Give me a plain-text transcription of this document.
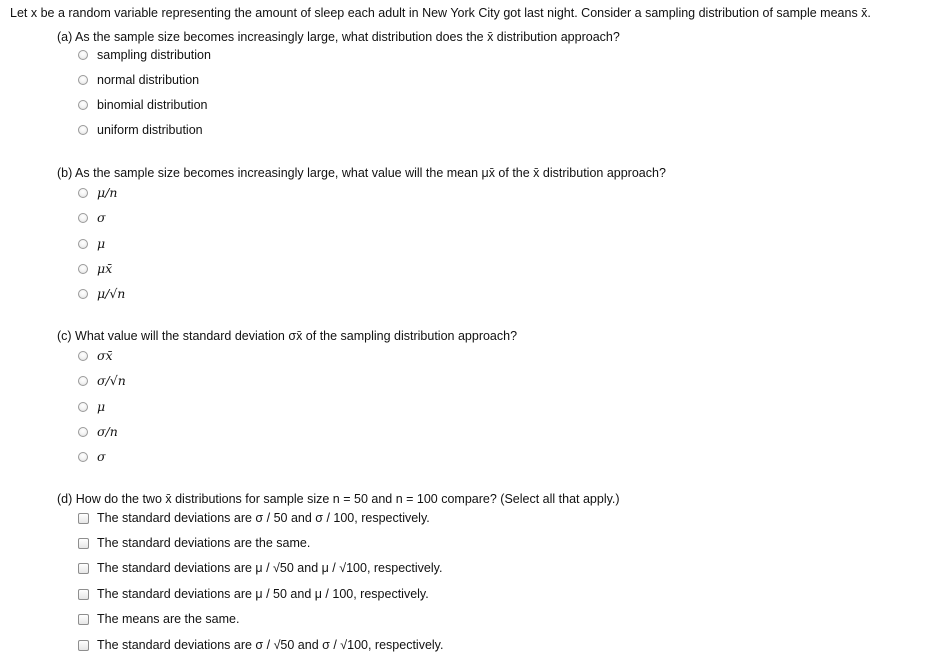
Let x be a random variable representing the amount of sleep each adult in New York City got last night. Consider a sampling distribution of sample means x̄.
(a) As the sample size becomes increasingly large, what distribution does the x̄ distribution approach?
sampling distribution
normal distribution
binomial distribution
uniform distribution
(b) As the sample size becomes increasingly large, what value will the mean μx̄ of the x̄ distribution approach?
μ/n
σ
μ
μx̄
μ/√n
(c) What value will the standard deviation σx̄ of the sampling distribution approach?
σx̄
σ/√n
μ
σ/n
σ
(d) How do the two x̄ distributions for sample size n = 50 and n = 100 compare? (Select all that apply.)
The standard deviations are σ / 50 and σ / 100, respectively.
The standard deviations are the same.
The standard deviations are μ / √50 and μ / √100, respectively.
The standard deviations are μ / 50 and μ / 100, respectively.
The means are the same.
The standard deviations are σ / √50 and σ / √100, respectively.
